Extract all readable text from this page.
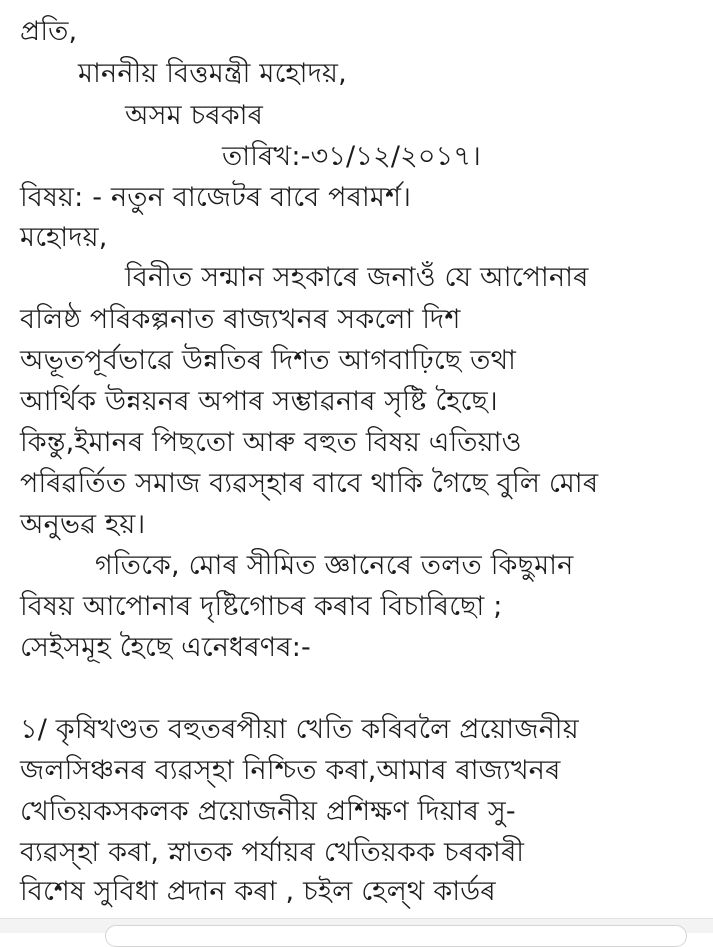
প্ৰতি,
মাননীয় বিত্তমন্ত্ৰী মহোদয়,
অসম চৰকাৰ
তাৰিখ:-৩১/১২/২০১৭।
বিষয়: - নতুন বাজেটৰ বাবে পৰামৰ্শ।
মহোদয়,
বিনীত সন্মান সহকাৰে জনাওঁ যে আপোনাৰ
বলিষ্ঠ পৰিকল্পনাত ৰাজ্যখনৰ সকলো দিশ
অভূতপূৰ্বভাৱে উন্নতিৰ দিশত আগবাঢ়িছে তথা
আৰ্থিক উন্নয়নৰ অপাৰ সম্ভাৱনাৰ সৃষ্টি হৈছে।
কিন্তু,ইমানৰ পিছতো আৰু বহুত বিষয় এতিয়াও
পৰিৱৰ্তিত সমাজ ব্যৱস্হাৰ বাবে থাকি গৈছে বুলি মোৰ
অনুভৱ হয়।
গতিকে, মোৰ সীমিত জ্ঞানেৰে তলত কিছুমান
বিষয় আপোনাৰ দৃষ্টিগোচৰ কৰাব বিচাৰিছো ;
সেইসমূহ হৈছে এনেধৰণৰ:-
১/ কৃষিখণ্ডত বহুতৰপীয়া খেতি কৰিবলৈ প্ৰয়োজনীয়
জলসিঞ্চনৰ ব্যৱস্হা নিশ্চিত কৰা,আমাৰ ৰাজ্যখনৰ
খেতিয়কসকলক প্ৰয়োজনীয় প্ৰশিক্ষণ দিয়াৰ সু-
ব্যৱস্হা কৰা, স্নাতক পৰ্যায়ৰ খেতিয়কক চৰকাৰী
বিশেষ সুবিধা প্ৰদান কৰা , চইল হেল্থ কাৰ্ডৰ
